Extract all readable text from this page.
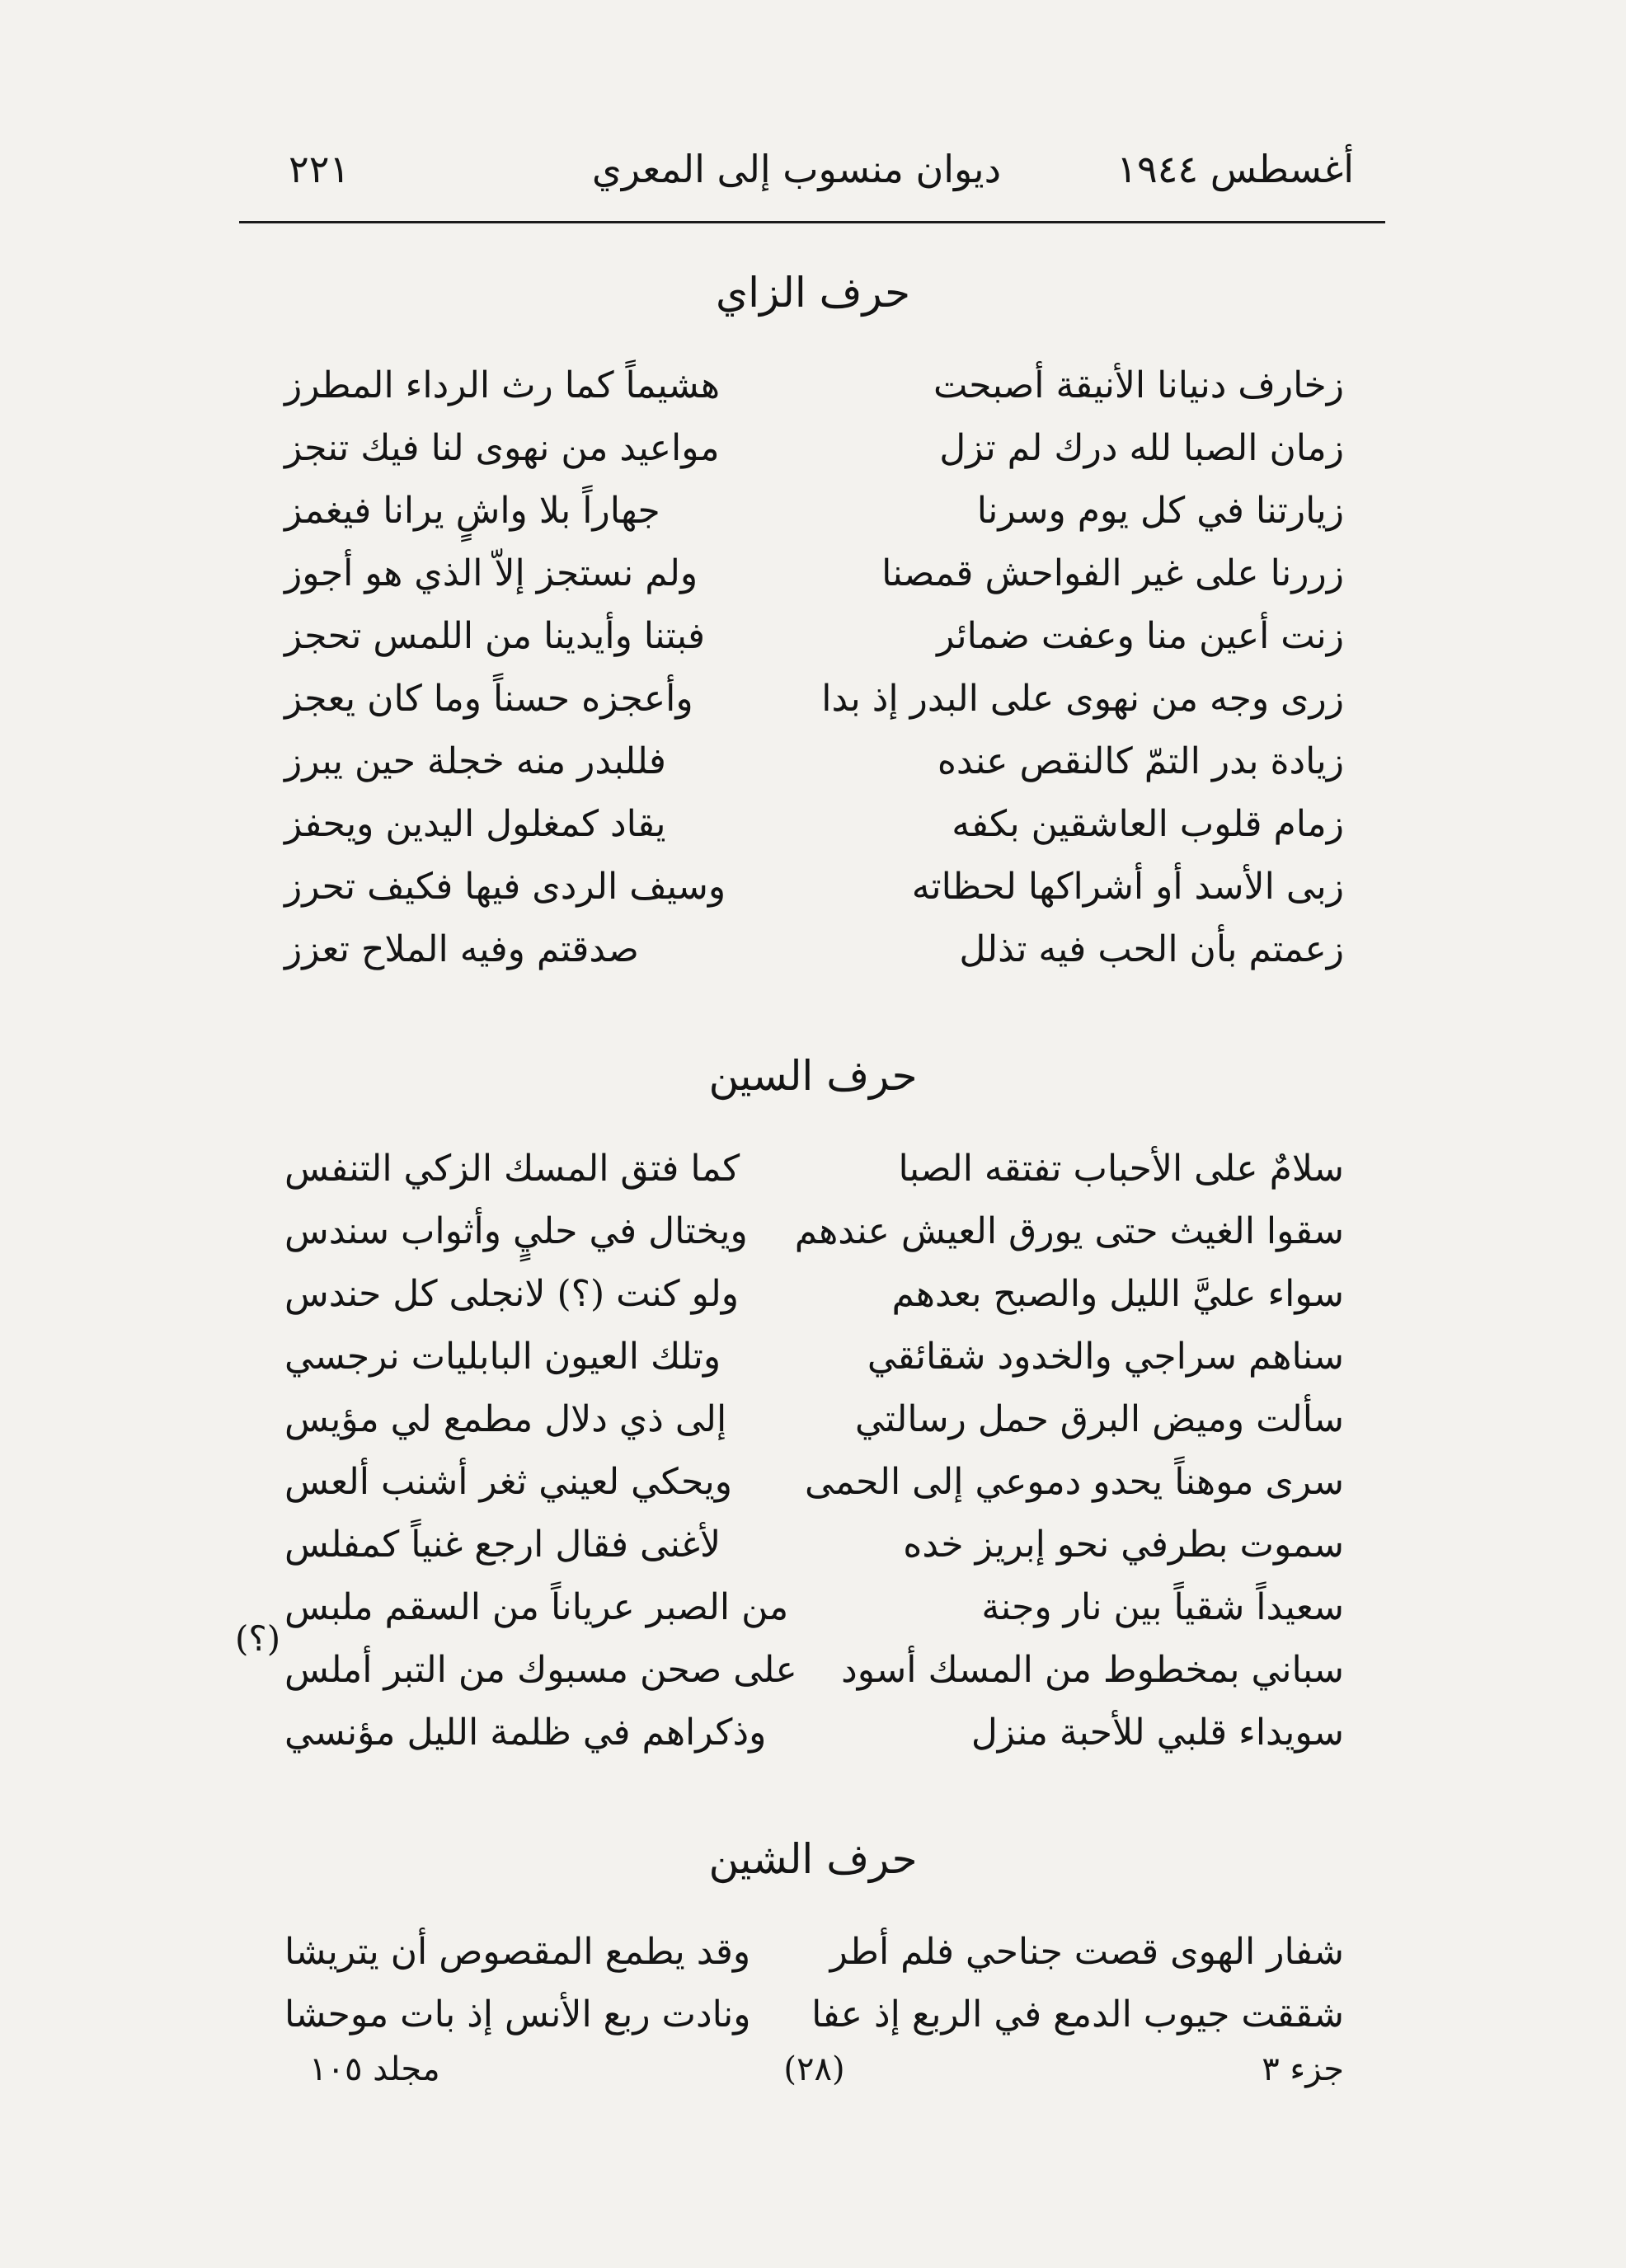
أغسطس ١٩٤٤
ديوان منسوب إلى المعري
٢٢١
حرف الزاي
زخارف دنيانا الأنيقة أصبحت
هشيماً كما رث الرداء المطرز
زمان الصبا لله درك لم تزل
مواعيد من نهوى لنا فيك تنجز
زيارتنا في كل يوم وسرنا
جهاراً بلا واشٍ يرانا فيغمز
زررنا على غير الفواحش قمصنا
ولم نستجز إلاّ الذي هو أجوز
زنت أعين منا وعفت ضمائر
فبتنا وأيدينا من اللمس تحجز
زرى وجه من نهوى على البدر إذ بدا
وأعجزه حسناً وما كان يعجز
زيادة بدر التمّ كالنقص عنده
فللبدر منه خجلة حين يبرز
زمام قلوب العاشقين بكفه
يقاد كمغلول اليدين ويحفز
زبى الأسد أو أشراكها لحظاته
وسيف الردى فيها فكيف تحرز
زعمتم بأن الحب فيه تذلل
صدقتم وفيه الملاح تعزز
حرف السين
سلامٌ على الأحباب تفتقه الصبا
كما فتق المسك الزكي التنفس
سقوا الغيث حتى يورق العيش عندهم
ويختال في حليٍ وأثواب سندس
سواء عليَّ الليل والصبح بعدهم
ولو كنت (؟) لانجلى كل حندس
سناهم سراجي والخدود شقائقي
وتلك العيون البابليات نرجسي
سألت وميض البرق حمل رسالتي
إلى ذي دلال مطمع لي مؤيس
سرى موهناً يحدو دموعي إلى الحمى
ويحكي لعيني ثغر أشنب ألعس
سموت بطرفي نحو إبريز خده
لأغنى فقال ارجع غنياً كمفلس
سعيداً شقياً بين نار وجنة
من الصبر عرياناً من السقم ملبس
سباني بمخطوط من المسك أسود
على صحن مسبوك من التبر أملس
سويداء قلبي للأحبة منزل
وذكراهم في ظلمة الليل مؤنسي
(؟)
حرف الشين
شفار الهوى قصت جناحي فلم أطر
وقد يطمع المقصوص أن يتريشا
شققت جيوب الدمع في الربع إذ عفا
ونادت ربع الأنس إذ بات موحشا
جزء ٣
(٢٨)
مجلد ١٠٥
